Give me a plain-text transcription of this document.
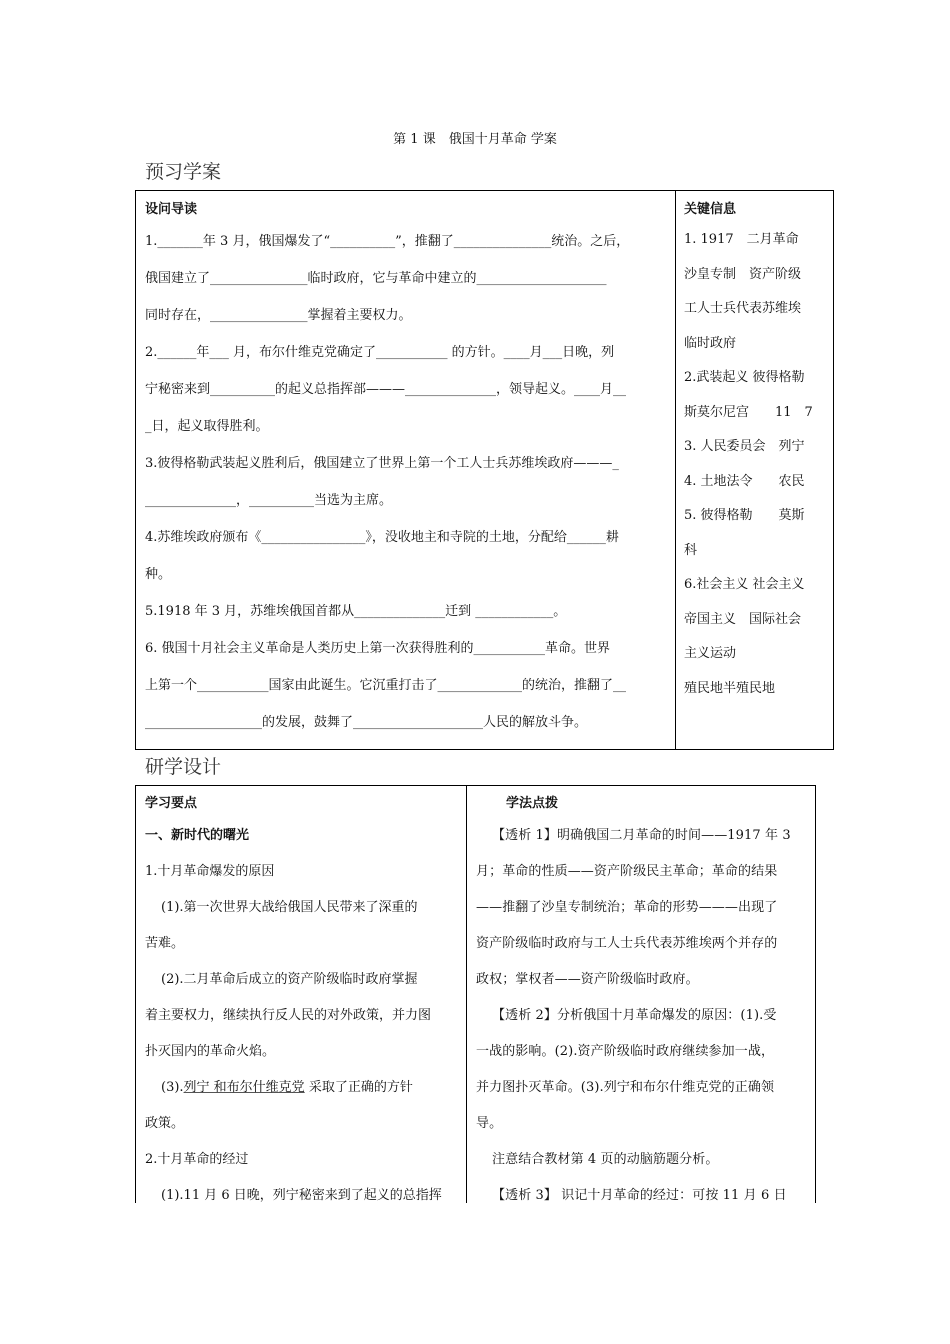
第 1 课　俄国十月革命 学案
预习学案
设问导读
1._______年 3 月，俄国爆发了“__________”，推翻了_______________统治。之后，
俄国建立了_______________临时政府，它与革命中建立的____________________
同时存在，_______________掌握着主要权力。
2.______年___ 月，布尔什维克党确定了___________ 的方针。____月___日晚，列
宁秘密来到__________的起义总指挥部———______________，领导起义。____月__
_日，起义取得胜利。
3.彼得格勒武装起义胜利后，俄国建立了世界上第一个工人士兵苏维埃政府———_
______________，__________当选为主席。
4.苏维埃政府颁布《________________》，没收地主和寺院的土地，分配给______耕
种。
5.1918 年 3 月，苏维埃俄国首都从______________迁到 ____________。
6. 俄国十月社会主义革命是人类历史上第一次获得胜利的___________革命。世界
上第一个___________国家由此诞生。它沉重打击了_____________的统治，推翻了__
__________________的发展，鼓舞了____________________人民的解放斗争。
关键信息
1. 1917　二月革命
沙皇专制　资产阶级
工人士兵代表苏维埃
临时政府
2.武装起义 彼得格勒
斯莫尔尼宫　　11　7
3. 人民委员会　列宁
4. 土地法令　　农民
5. 彼得格勒　　莫斯
科
6.社会主义 社会主义
帝国主义　国际社会
主义运动
殖民地半殖民地
研学设计
学习要点
一、新时代的曙光
1.十月革命爆发的原因
(1).第一次世界大战给俄国人民带来了深重的
苦难。
(2).二月革命后成立的资产阶级临时政府掌握
着主要权力，继续执行反人民的对外政策，并力图
扑灭国内的革命火焰。
(3).列宁 和布尔什维克党 采取了正确的方针
政策。
2.十月革命的经过
(1).11 月 6 日晚，列宁秘密来到了起义的总指挥
学法点拨
【透析 1】明确俄国二月革命的时间——1917 年 3
月；革命的性质——资产阶级民主革命；革命的结果
——推翻了沙皇专制统治；革命的形势———出现了
资产阶级临时政府与工人士兵代表苏维埃两个并存的
政权；掌权者——资产阶级临时政府。
【透析 2】分析俄国十月革命爆发的原因：(1).受
一战的影响。(2).资产阶级临时政府继续参加一战，
并力图扑灭革命。(3).列宁和布尔什维克党的正确领
导。
注意结合教材第 4 页的动脑筋题分析。
【透析 3】 识记十月革命的经过：可按 11 月 6 日
